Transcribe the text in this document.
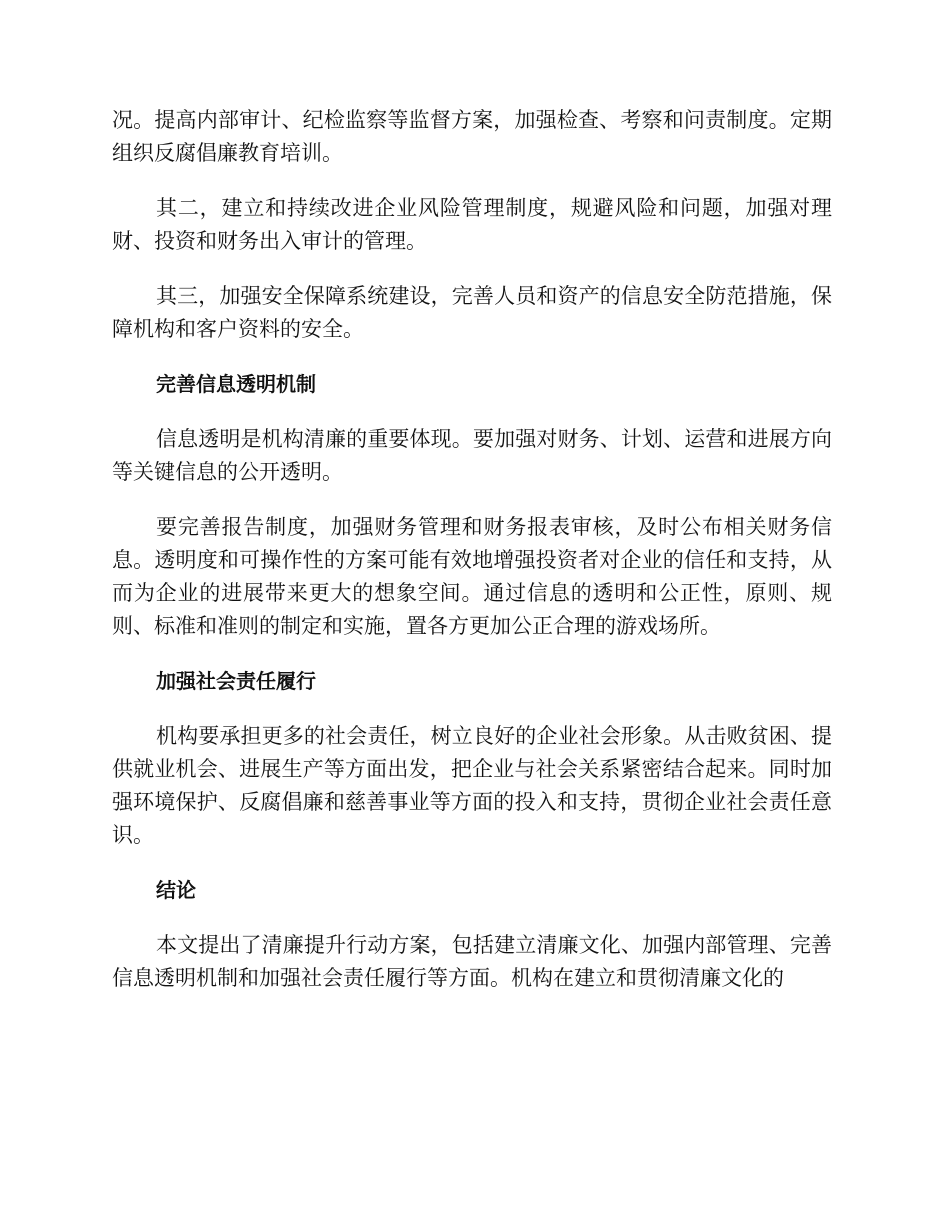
况。提高内部审计、纪检监察等监督方案，加强检查、考察和问责制度。定期组织反腐倡廉教育培训。

其二，建立和持续改进企业风险管理制度，规避风险和问题，加强对理财、投资和财务出入审计的管理。

其三，加强安全保障系统建设，完善人员和资产的信息安全防范措施，保障机构和客户资料的安全。

完善信息透明机制

信息透明是机构清廉的重要体现。要加强对财务、计划、运营和进展方向等关键信息的公开透明。

要完善报告制度，加强财务管理和财务报表审核，及时公布相关财务信息。透明度和可操作性的方案可能有效地增强投资者对企业的信任和支持，从而为企业的进展带来更大的想象空间。通过信息的透明和公正性，原则、规则、标准和准则的制定和实施，置各方更加公正合理的游戏场所。

加强社会责任履行

机构要承担更多的社会责任，树立良好的企业社会形象。从击败贫困、提供就业机会、进展生产等方面出发，把企业与社会关系紧密结合起来。同时加强环境保护、反腐倡廉和慈善事业等方面的投入和支持，贯彻企业社会责任意识。

结论

本文提出了清廉提升行动方案，包括建立清廉文化、加强内部管理、完善信息透明机制和加强社会责任履行等方面。机构在建立和贯彻清廉文化的
